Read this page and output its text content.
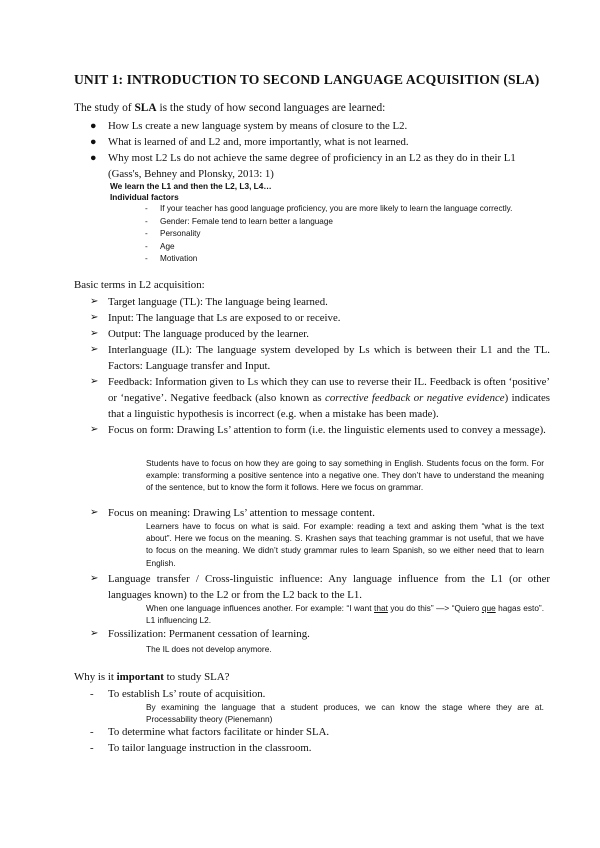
UNIT 1: INTRODUCTION TO SECOND LANGUAGE ACQUISITION (SLA)
The study of SLA is the study of how second languages are learned:
● How Ls create a new language system by means of closure to the L2.
● What is learned of and L2 and, more importantly, what is not learned.
● Why most L2 Ls do not achieve the same degree of proficiency in an L2 as they do in their L1 (Gass's, Behney and Plonsky, 2013: 1)
We learn the L1 and then the L2, L3, L4…
Individual factors
- If your teacher has good language proficiency, you are more likely to learn the language correctly.
- Gender: Female tend to learn better a language
- Personality
- Age
- Motivation
Basic terms in L2 acquisition:
➢ Target language (TL): The language being learned.
➢ Input: The language that Ls are exposed to or receive.
➢ Output: The language produced by the learner.
➢ Interlanguage (IL): The language system developed by Ls which is between their L1 and the TL. Factors: Language transfer and Input.
➢ Feedback: Information given to Ls which they can use to reverse their IL. Feedback is often ‘positive’ or ‘negative’. Negative feedback (also known as corrective feedback or negative evidence) indicates that a linguistic hypothesis is incorrect (e.g. when a mistake has been made).
➢ Focus on form: Drawing Ls’ attention to form (i.e. the linguistic elements used to convey a message).
Students have to focus on how they are going to say something in English. Students focus on the form. For example: transforming a positive sentence into a negative one. They don’t have to understand the meaning of the sentence, but to know the form it follows. Here we focus on grammar.
➢ Focus on meaning: Drawing Ls’ attention to message content.
Learners have to focus on what is said. For example: reading a text and asking them “what is the text about”. Here we focus on the meaning. S. Krashen says that teaching grammar is not useful, that we have to focus on the meaning. We didn’t study grammar rules to learn Spanish, so we either need that to learn English.
➢ Language transfer / Cross-linguistic influence: Any language influence from the L1 (or other languages known) to the L2 or from the L2 back to the L1.
When one language influences another. For example: “I want that you do this” —> “Quiero que hagas esto”. L1 influencing L2.
➢ Fossilization: Permanent cessation of learning.
The IL does not develop anymore.
Why is it important to study SLA?
- To establish Ls’ route of acquisition.
By examining the language that a student produces, we can know the stage where they are at. Processability theory (Pienemann)
- To determine what factors facilitate or hinder SLA.
- To tailor language instruction in the classroom.
